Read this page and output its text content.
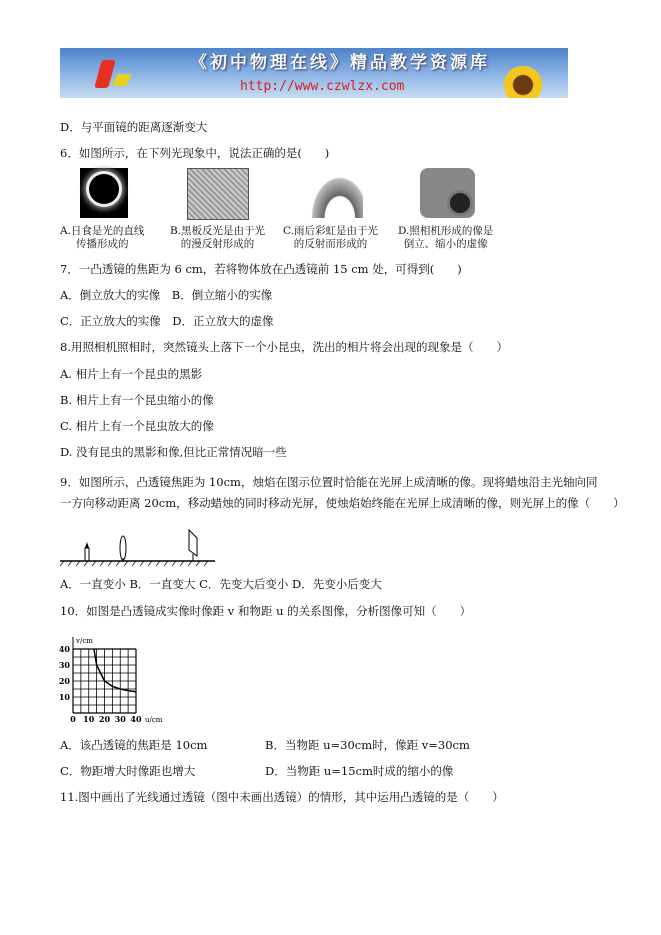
《初中物理在线》精品教学资源库
http://www.czwlzx.com
D．与平面镜的距离逐渐变大
6．如图所示，在下列光现象中，说法正确的是(　　)
A.日食是光的直线
传播形成的
B.黑板反光是由于光
的漫反射形成的
C.雨后彩虹是由于光
的反射而形成的
D.照相机形成的像是
倒立、缩小的虚像
7．一凸透镜的焦距为 6 cm，若将物体放在凸透镜前 15 cm 处，可得到(　　)
A．倒立放大的实像　B．倒立缩小的实像
C．正立放大的实像　D．正立放大的虚像
8.用照相机照相时，突然镜头上落下一个小昆虫，洗出的相片将会出现的现象是（　　）
A. 相片上有一个昆虫的黑影
B. 相片上有一个昆虫缩小的像
C. 相片上有一个昆虫放大的像
D. 没有昆虫的黑影和像,但比正常情况暗一些
9．如图所示，凸透镜焦距为 10cm，烛焰在图示位置时恰能在光屏上成清晰的像。现将蜡烛沿主光轴向同
一方向移动距离 20cm，移动蜡烛的同时移动光屏，使烛焰始终能在光屏上成清晰的像，则光屏上的像（　　）
A．一直变小 B．一直变大 C．先变大后变小 D．先变小后变大
10．如图是凸透镜成实像时像距 v 和物距 u 的关系图像，分析图像可知（　　）
0 10 20 30 40
10
20
30
40
u/cm
v/cm
A．该凸透镜的焦距是 10cm	B．当物距 u=30cm时，像距 v=30cm
C．物距增大时像距也增大	D．当物距 u=15cm时成的缩小的像
11.图中画出了光线通过透镜（图中未画出透镜）的情形，其中运用凸透镜的是（　　）
